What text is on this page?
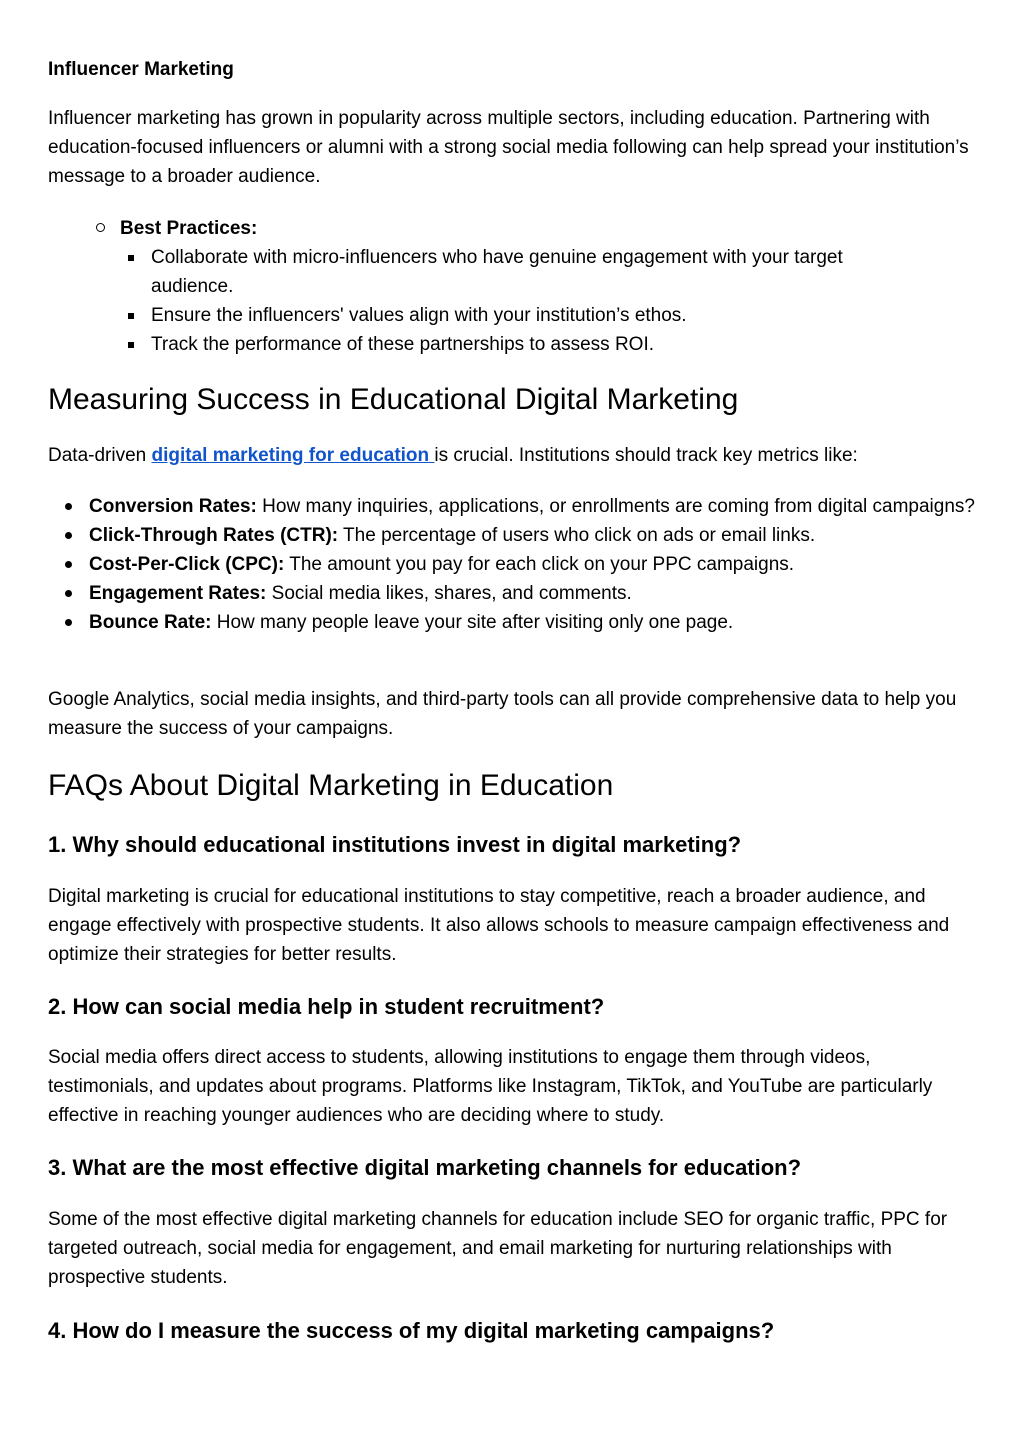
Influencer Marketing

Influencer marketing has grown in popularity across multiple sectors, including education. Partnering with education-focused influencers or alumni with a strong social media following can help spread your institution’s message to a broader audience.

Best Practices:
Collaborate with micro-influencers who have genuine engagement with your target audience.
Ensure the influencers' values align with your institution’s ethos.
Track the performance of these partnerships to assess ROI.
Measuring Success in Educational Digital Marketing

Data-driven digital marketing for education is crucial. Institutions should track key metrics like:

Conversion Rates: How many inquiries, applications, or enrollments are coming from digital campaigns?
Click-Through Rates (CTR): The percentage of users who click on ads or email links.
Cost-Per-Click (CPC): The amount you pay for each click on your PPC campaigns.
Engagement Rates: Social media likes, shares, and comments.
Bounce Rate: How many people leave your site after visiting only one page.

Google Analytics, social media insights, and third-party tools can all provide comprehensive data to help you measure the success of your campaigns.

FAQs About Digital Marketing in Education
1. Why should educational institutions invest in digital marketing?

Digital marketing is crucial for educational institutions to stay competitive, reach a broader audience, and engage effectively with prospective students. It also allows schools to measure campaign effectiveness and optimize their strategies for better results.

2. How can social media help in student recruitment?

Social media offers direct access to students, allowing institutions to engage them through videos, testimonials, and updates about programs. Platforms like Instagram, TikTok, and YouTube are particularly effective in reaching younger audiences who are deciding where to study.

3. What are the most effective digital marketing channels for education?

Some of the most effective digital marketing channels for education include SEO for organic traffic, PPC for targeted outreach, social media for engagement, and email marketing for nurturing relationships with prospective students.

4. How do I measure the success of my digital marketing campaigns?
